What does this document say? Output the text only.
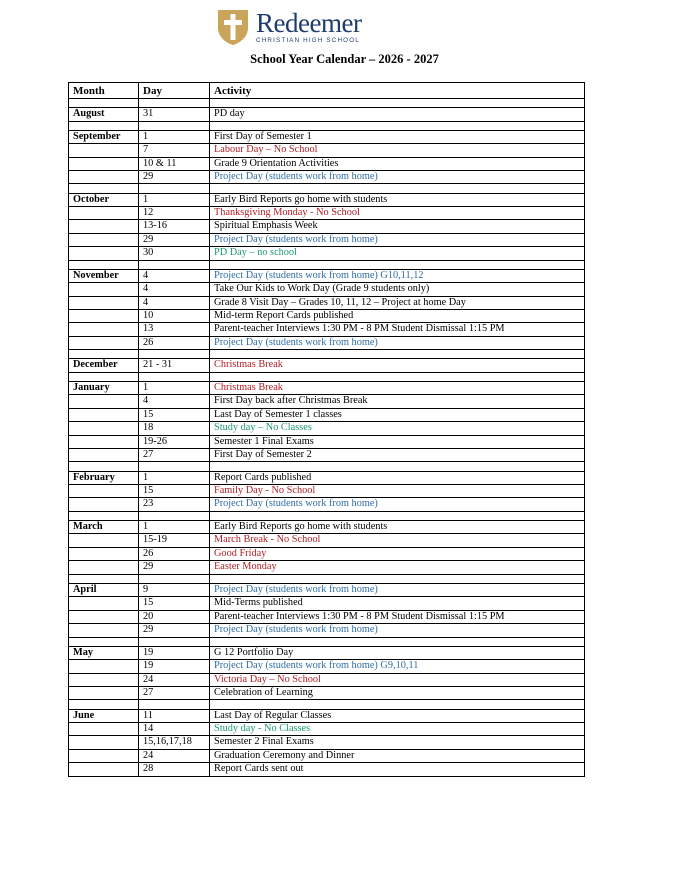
Redeemer
CHRISTIAN HIGH SCHOOL
School Year Calendar – 2026 - 2027
Month	Day	Activity

August	31	PD day

September	1	First Day of Semester 1
	7	Labour Day – No School
	10 & 11	Grade 9 Orientation Activities
	29	Project Day (students work from home)

October	1	Early Bird Reports go home with students
	12	Thanksgiving Monday - No School
	13-16	Spiritual Emphasis Week
	29	Project Day (students work from home)
	30	PD Day – no school

November	4	Project Day (students work from home) G10,11,12
	4	Take Our Kids to Work Day (Grade 9 students only)
	4	Grade 8 Visit Day – Grades 10, 11, 12 – Project at home Day
	10	Mid-term Report Cards published
	13	Parent-teacher Interviews 1:30 PM - 8 PM Student Dismissal 1:15 PM
	26	Project Day (students work from home)

December	21 - 31	Christmas Break

January	1	Christmas Break
	4	First Day back after Christmas Break
	15	Last Day of Semester 1 classes
	18	Study day – No Classes
	19-26	Semester 1 Final Exams
	27	First Day of Semester 2

February	1	Report Cards published
	15	Family Day - No School
	23	Project Day (students work from home)

March	1	Early Bird Reports go home with students
	15-19	March Break - No School
	26	Good Friday
	29	Easter Monday

April	9	Project Day (students work from home)
	15	Mid-Terms published
	20	Parent-teacher Interviews 1:30 PM - 8 PM Student Dismissal 1:15 PM
	29	Project Day (students work from home)

May	19	G 12 Portfolio Day
	19	Project Day (students work from home) G9,10,11
	24	Victoria Day – No School
	27	Celebration of Learning

June	11	Last Day of Regular Classes
	14	Study day - No Classes
	15,16,17,18	Semester 2 Final Exams
	24	Graduation Ceremony and Dinner
	28	Report Cards sent out
